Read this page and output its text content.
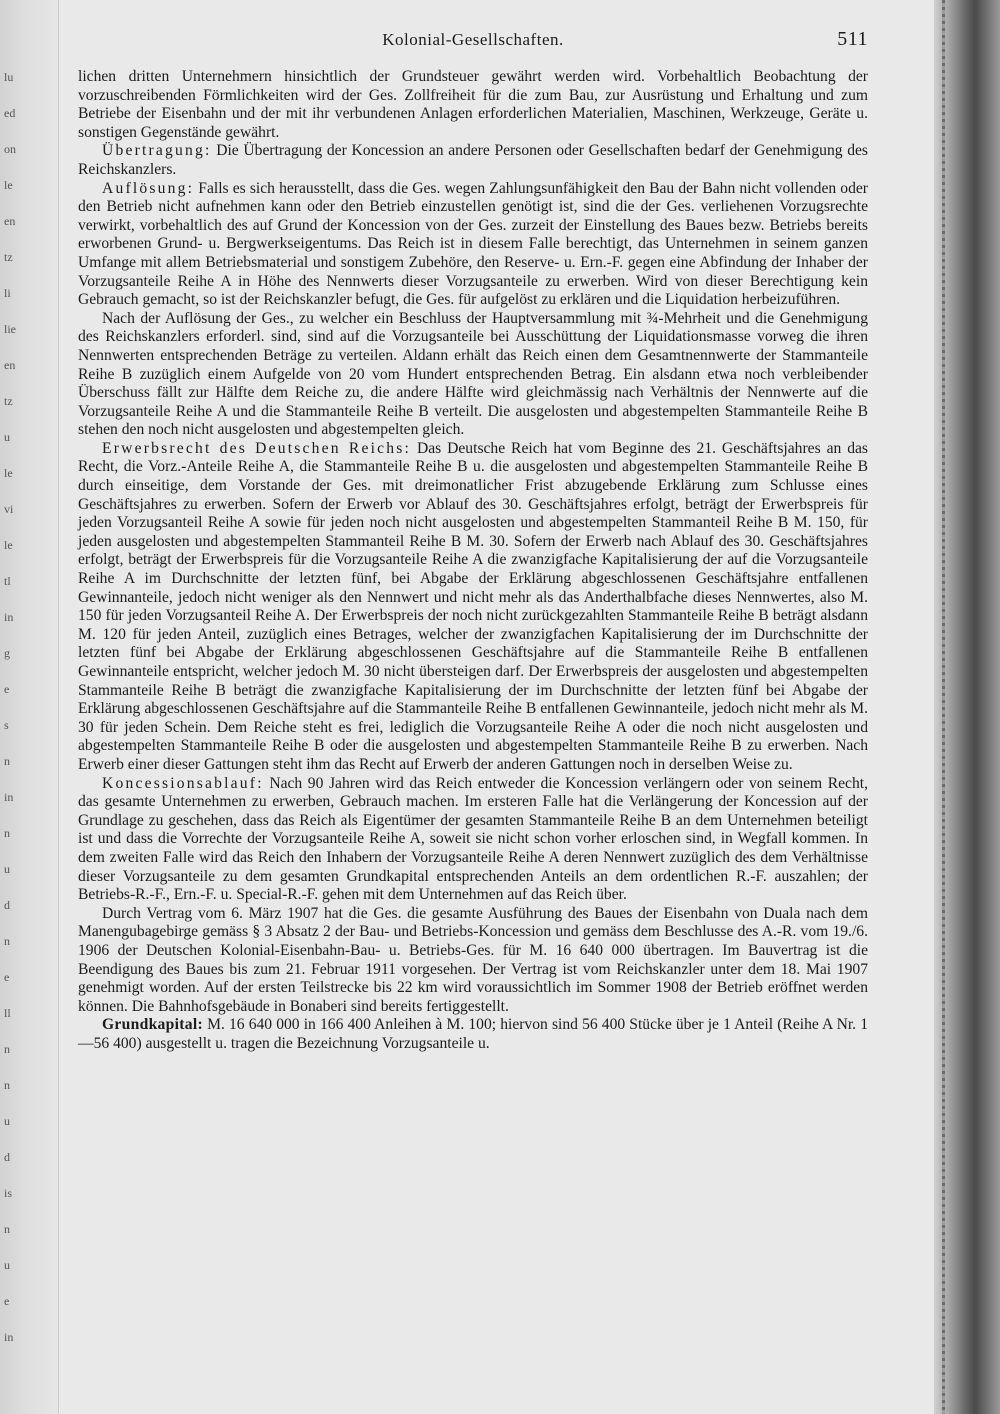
lu
ed
on
le
en
tz
li
lie
en
tz
u
le
vi
le
tl
in
g
e
s
n
in
n
u
d
n
e
ll
n
n
u
d
is
n
u
e
in
Kolonial-Gesellschaften.	511

lichen dritten Unternehmern hinsichtlich der Grundsteuer gewährt werden wird. Vorbehaltlich Beobachtung der vorzuschreibenden Förmlichkeiten wird der Ges. Zollfreiheit für die zum Bau, zur Ausrüstung und Erhaltung und zum Betriebe der Eisenbahn und der mit ihr verbundenen Anlagen erforderlichen Materialien, Maschinen, Werkzeuge, Geräte u. sonstigen Gegenstände gewährt.

Übertragung: Die Übertragung der Koncession an andere Personen oder Gesellschaften bedarf der Genehmigung des Reichskanzlers.

Auflösung: Falls es sich herausstellt, dass die Ges. wegen Zahlungsunfähigkeit den Bau der Bahn nicht vollenden oder den Betrieb nicht aufnehmen kann oder den Betrieb einzustellen genötigt ist, sind die der Ges. verliehenen Vorzugsrechte verwirkt, vorbehaltlich des auf Grund der Koncession von der Ges. zurzeit der Einstellung des Baues bezw. Betriebs bereits erworbenen Grund- u. Bergwerkseigentums. Das Reich ist in diesem Falle berechtigt, das Unternehmen in seinem ganzen Umfange mit allem Betriebsmaterial und sonstigem Zubehöre, den Reserve- u. Ern.-F. gegen eine Abfindung der Inhaber der Vorzugsanteile Reihe A in Höhe des Nennwerts dieser Vorzugsanteile zu erwerben. Wird von dieser Berechtigung kein Gebrauch gemacht, so ist der Reichskanzler befugt, die Ges. für aufgelöst zu erklären und die Liquidation herbeizuführen.

Nach der Auflösung der Ges., zu welcher ein Beschluss der Hauptversammlung mit ¾-Mehrheit und die Genehmigung des Reichskanzlers erforderl. sind, sind auf die Vorzugsanteile bei Ausschüttung der Liquidationsmasse vorweg die ihren Nennwerten entsprechenden Beträge zu verteilen. Aldann erhält das Reich einen dem Gesamtnennwerte der Stammanteile Reihe B zuzüglich einem Aufgelde von 20 vom Hundert entsprechenden Betrag. Ein alsdann etwa noch verbleibender Überschuss fällt zur Hälfte dem Reiche zu, die andere Hälfte wird gleichmässig nach Verhältnis der Nennwerte auf die Vorzugsanteile Reihe A und die Stammanteile Reihe B verteilt. Die ausgelosten und abgestempelten Stammanteile Reihe B stehen den noch nicht ausgelosten und abgestempelten gleich.

Erwerbsrecht des Deutschen Reichs: Das Deutsche Reich hat vom Beginne des 21. Geschäftsjahres an das Recht, die Vorz.-Anteile Reihe A, die Stammanteile Reihe B u. die ausgelosten und abgestempelten Stammanteile Reihe B durch einseitige, dem Vorstande der Ges. mit dreimonatlicher Frist abzugebende Erklärung zum Schlusse eines Geschäftsjahres zu erwerben. Sofern der Erwerb vor Ablauf des 30. Geschäftsjahres erfolgt, beträgt der Erwerbspreis für jeden Vorzugsanteil Reihe A sowie für jeden noch nicht ausgelosten und abgestempelten Stammanteil Reihe B M. 150, für jeden ausgelosten und abgestempelten Stammanteil Reihe B M. 30. Sofern der Erwerb nach Ablauf des 30. Geschäftsjahres erfolgt, beträgt der Erwerbspreis für die Vorzugsanteile Reihe A die zwanzigfache Kapitalisierung der auf die Vorzugsanteile Reihe A im Durchschnitte der letzten fünf, bei Abgabe der Erklärung abgeschlossenen Geschäftsjahre entfallenen Gewinnanteile, jedoch nicht weniger als den Nennwert und nicht mehr als das Anderthalbfache dieses Nennwertes, also M. 150 für jeden Vorzugsanteil Reihe A. Der Erwerbspreis der noch nicht zurückgezahlten Stammanteile Reihe B beträgt alsdann M. 120 für jeden Anteil, zuzüglich eines Betrages, welcher der zwanzigfachen Kapitalisierung der im Durchschnitte der letzten fünf bei Abgabe der Erklärung abgeschlossenen Geschäftsjahre auf die Stammanteile Reihe B entfallenen Gewinnanteile entspricht, welcher jedoch M. 30 nicht übersteigen darf. Der Erwerbspreis der ausgelosten und abgestempelten Stammanteile Reihe B beträgt die zwanzigfache Kapitalisierung der im Durchschnitte der letzten fünf bei Abgabe der Erklärung abgeschlossenen Geschäftsjahre auf die Stammanteile Reihe B entfallenen Gewinnanteile, jedoch nicht mehr als M. 30 für jeden Schein. Dem Reiche steht es frei, lediglich die Vorzugsanteile Reihe A oder die noch nicht ausgelosten und abgestempelten Stammanteile Reihe B oder die ausgelosten und abgestempelten Stammanteile Reihe B zu erwerben. Nach Erwerb einer dieser Gattungen steht ihm das Recht auf Erwerb der anderen Gattungen noch in derselben Weise zu.

Koncessionsablauf: Nach 90 Jahren wird das Reich entweder die Koncession verlängern oder von seinem Recht, das gesamte Unternehmen zu erwerben, Gebrauch machen. Im ersteren Falle hat die Verlängerung der Koncession auf der Grundlage zu geschehen, dass das Reich als Eigentümer der gesamten Stammanteile Reihe B an dem Unternehmen beteiligt ist und dass die Vorrechte der Vorzugsanteile Reihe A, soweit sie nicht schon vorher erloschen sind, in Wegfall kommen. In dem zweiten Falle wird das Reich den Inhabern der Vorzugsanteile Reihe A deren Nennwert zuzüglich des dem Verhältnisse dieser Vorzugsanteile zu dem gesamten Grundkapital entsprechenden Anteils an dem ordentlichen R.-F. auszahlen; der Betriebs-R.-F., Ern.-F. u. Special-R.-F. gehen mit dem Unternehmen auf das Reich über.

Durch Vertrag vom 6. März 1907 hat die Ges. die gesamte Ausführung des Baues der Eisenbahn von Duala nach dem Manengubagebirge gemäss § 3 Absatz 2 der Bau- und Betriebs-Koncession und gemäss dem Beschlusse des A.-R. vom 19./6. 1906 der Deutschen Kolonial-Eisenbahn-Bau- u. Betriebs-Ges. für M. 16 640 000 übertragen. Im Bauvertrag ist die Beendigung des Baues bis zum 21. Februar 1911 vorgesehen. Der Vertrag ist vom Reichskanzler unter dem 18. Mai 1907 genehmigt worden. Auf der ersten Teilstrecke bis 22 km wird voraussichtlich im Sommer 1908 der Betrieb eröffnet werden können. Die Bahnhofsgebäude in Bonaberi sind bereits fertiggestellt.

Grundkapital: M. 16 640 000 in 166 400 Anleihen à M. 100; hiervon sind 56 400 Stücke über je 1 Anteil (Reihe A Nr. 1—56 400) ausgestellt u. tragen die Bezeichnung Vorzugsanteile u.
